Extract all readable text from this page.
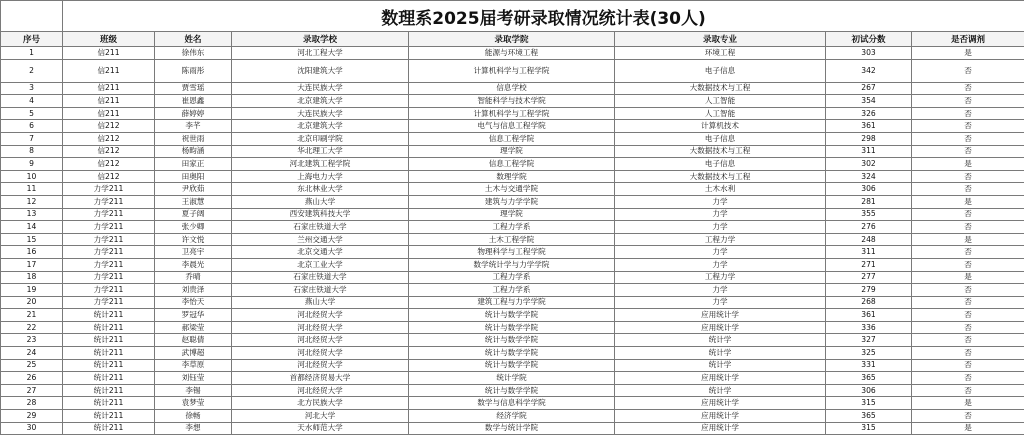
	数理系2025届考研录取情况统计表(30人)						
序号	班级	姓名	录取学校	录取学院	录取专业	初试分数	是否调剂
1	信211	徐伟东	河北工程大学	能源与环境工程	环境工程	303	是
2	信211	陈雨彤	沈阳建筑大学	计算机科学与工程学院	电子信息	342	否
3	信211	贾雪瑶	大连民族大学	信息学校	大数据技术与工程	267	否
4	信211	崔恩鑫	北京建筑大学	智能科学与技术学院	人工智能	354	否
5	信211	薛婷婷	大连民族大学	计算机科学与工程学院	人工智能	326	否
6	信212	李芊	北京建筑大学	电气与信息工程学院	计算机技术	361	否
7	信212	祝世雨	北京印刷学院	信息工程学院	电子信息	298	否
8	信212	杨畇涵	华北理工大学	理学院	大数据技术与工程	311	否
9	信212	田家正	河北建筑工程学院	信息工程学院	电子信息	302	是
10	信212	田奥阳	上海电力大学	数理学院	大数据技术与工程	324	否
11	力学211	尹欣茹	东北林业大学	土木与交通学院	土木水利	306	否
12	力学211	王淑慧	燕山大学	建筑与力学学院	力学	281	是
13	力学211	夏子阔	西安建筑科技大学	理学院	力学	355	否
14	力学211	张少卿	石家庄铁道大学	工程力学系	力学	276	否
15	力学211	许文悦	兰州交通大学	土木工程学院	工程力学	248	是
16	力学211	卫亮宇	北京交通大学	物理科学与工程学院	力学	311	否
17	力学211	李晨光	北京工业大学	数学统计学与力学学院	力学	271	否
18	力学211	乔晴	石家庄铁道大学	工程力学系	工程力学	277	是
19	力学211	刘贵泽	石家庄铁道大学	工程力学系	力学	279	否
20	力学211	李怡天	燕山大学	建筑工程与力学学院	力学	268	否
21	统计211	罗冠华	河北经贸大学	统计与数学学院	应用统计学	361	否
22	统计211	郝梁莹	河北经贸大学	统计与数学学院	应用统计学	336	否
23	统计211	赵聪倩	河北经贸大学	统计与数学学院	统计学	327	否
24	统计211	武博超	河北经贸大学	统计与数学学院	统计学	325	否
25	统计211	李草原	河北经贸大学	统计与数学学院	统计学	331	否
26	统计211	刘钰莹	首都经济贸易大学	统计学院	应用统计学	365	否
27	统计211	李锡	河北经贸大学	统计与数学学院	统计学	306	否
28	统计211	袁梦莹	北方民族大学	数学与信息科学学院	应用统计学	315	是
29	统计211	徐畅	河北大学	经济学院	应用统计学	365	否
30	统计211	李想	天水师范大学	数学与统计学院	应用统计学	315	是
